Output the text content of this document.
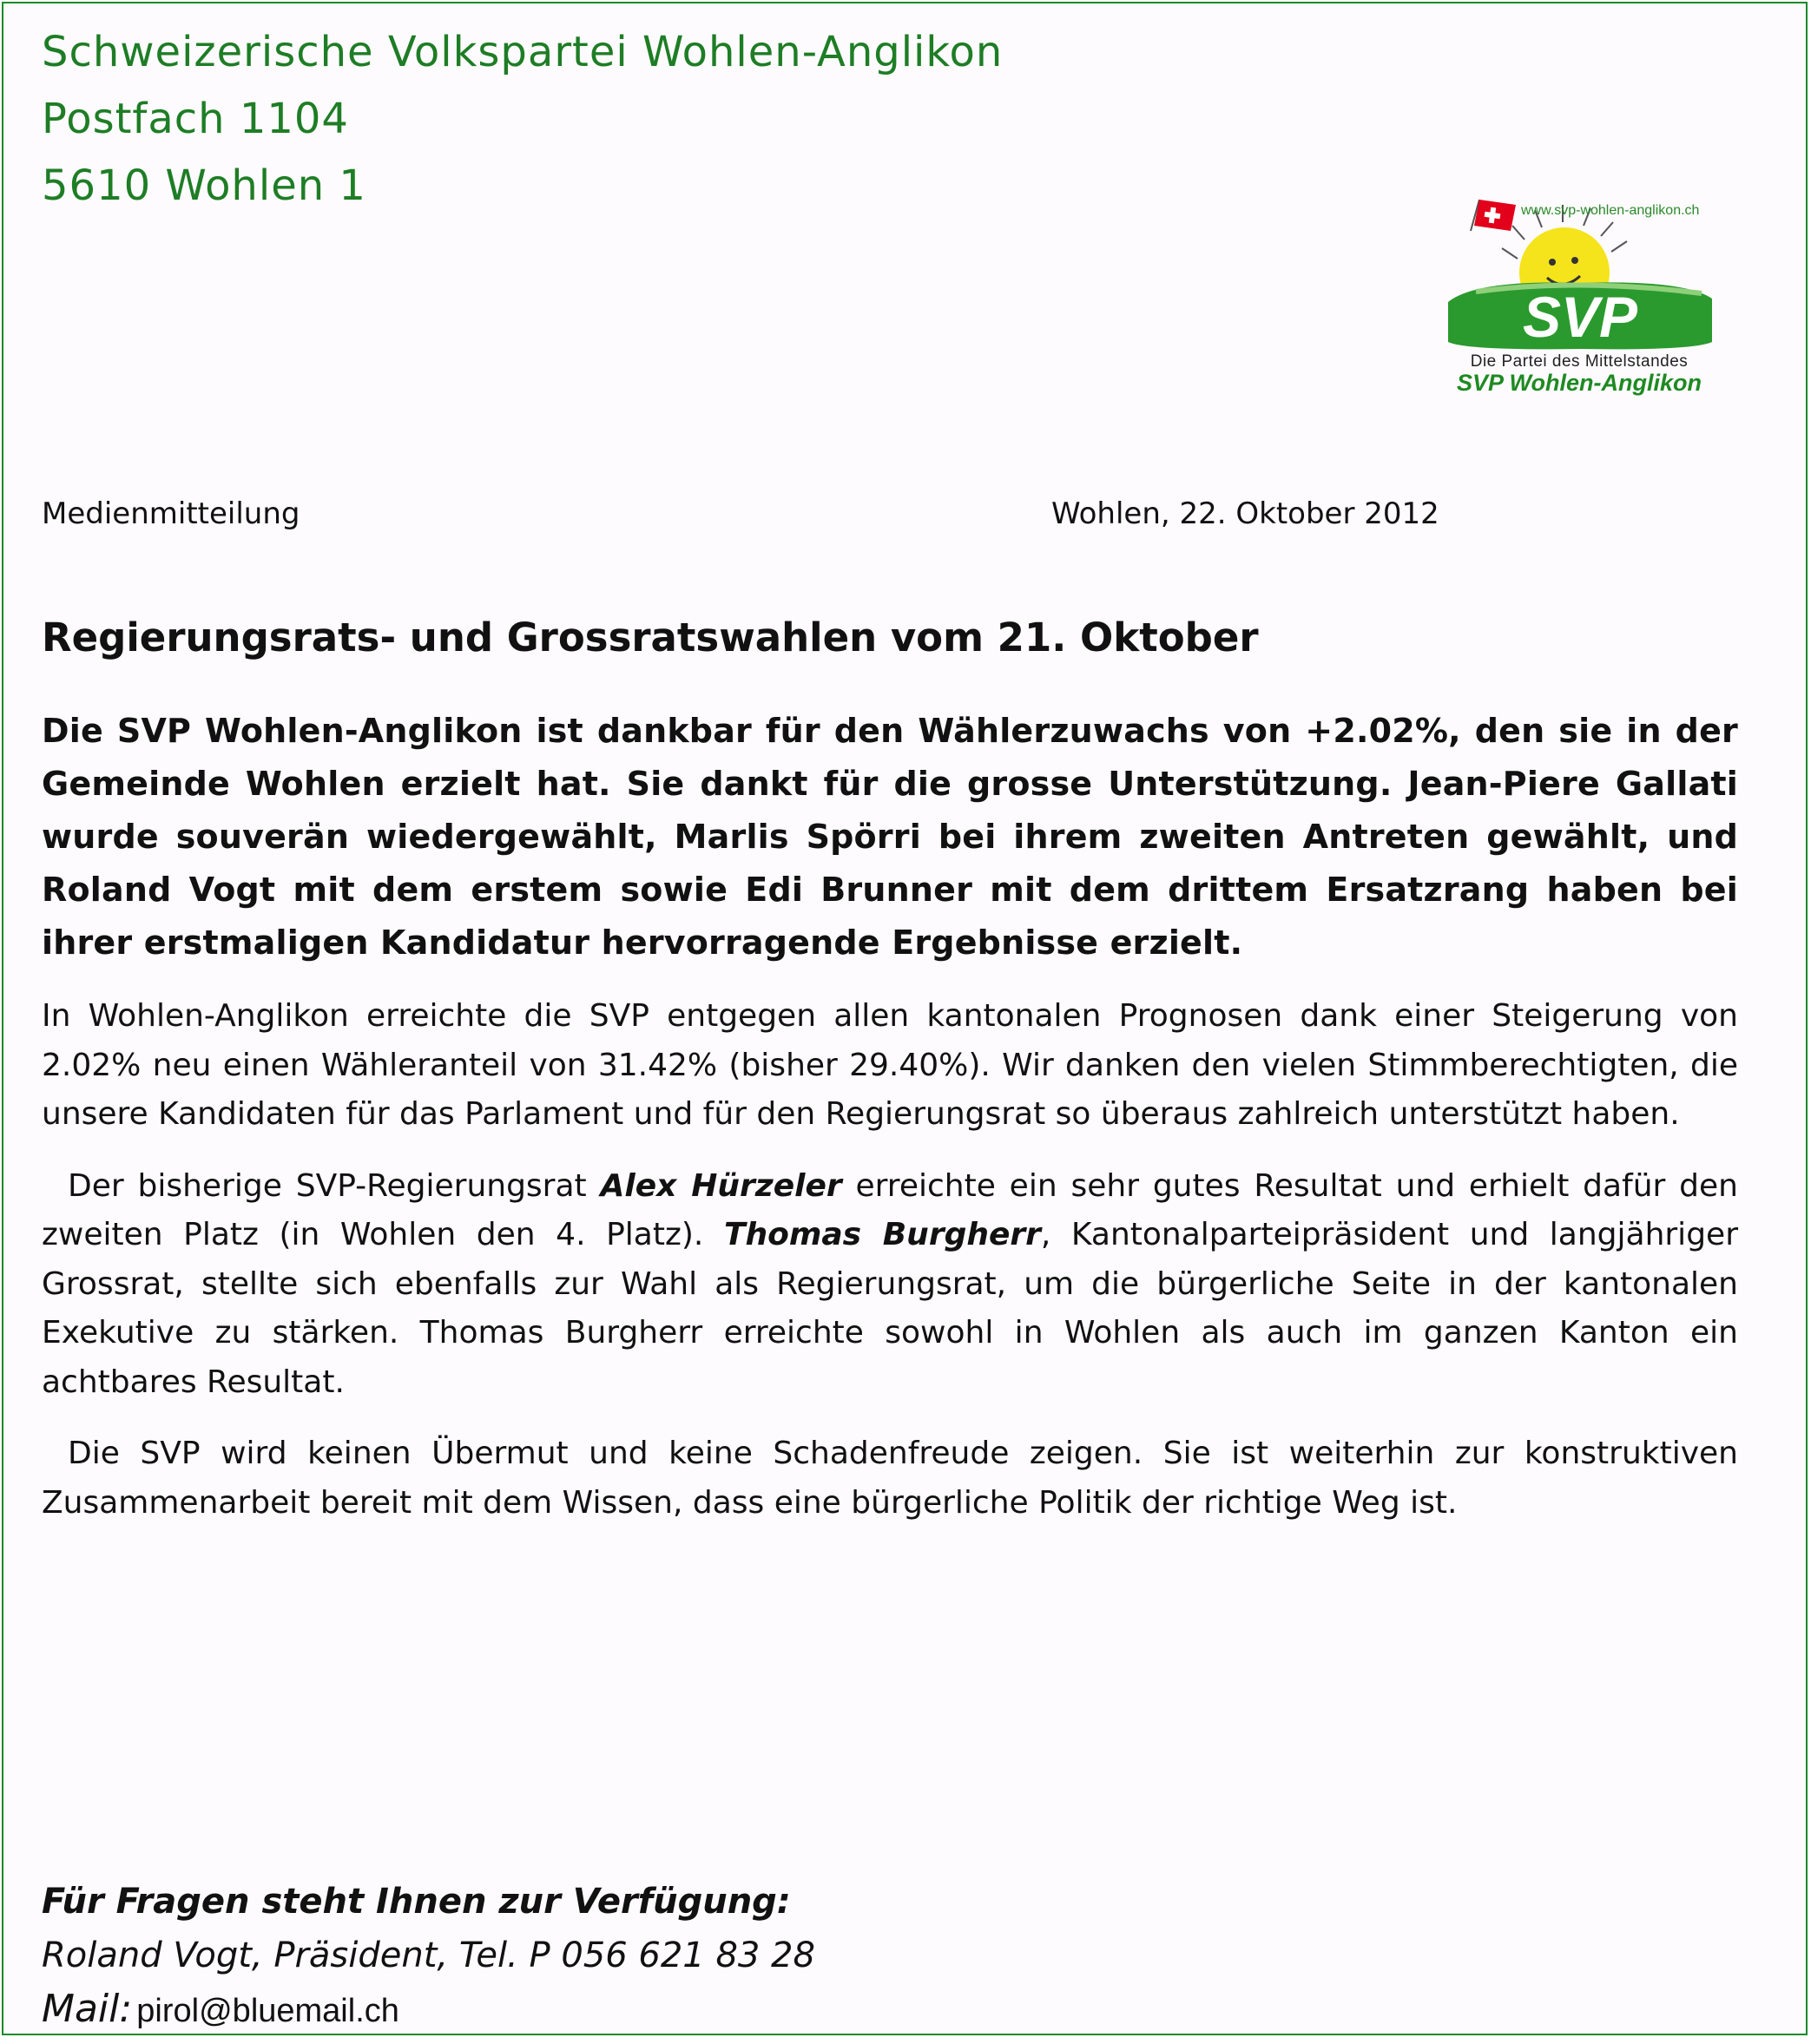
Schweizerische Volkspartei Wohlen-Anglikon
Postfach 1104
5610 Wohlen 1
SVP
www.svp-wohlen-anglikon.ch
Die Partei des Mittelstandes
SVP Wohlen-Anglikon
Medienmitteilung	Wohlen, 22. Oktober 2012
Regierungsrats- und Grossratswahlen vom 21. Oktober

Die SVP Wohlen-Anglikon ist dankbar für den Wählerzuwachs von +2.02%, den sie in der Gemeinde Wohlen erzielt hat. Sie dankt für die grosse Unterstützung. Jean-Piere Gallati wurde souverän wiedergewählt, Marlis Spörri bei ihrem zweiten Antreten gewählt, und Roland Vogt mit dem erstem sowie Edi Brunner mit dem drittem Ersatzrang haben bei ihrer erstmaligen Kandidatur hervorragende Ergebnisse erzielt.

In Wohlen-Anglikon erreichte die SVP entgegen allen kantonalen Prognosen dank einer Steigerung von 2.02% neu einen Wähleranteil von 31.42% (bisher 29.40%). Wir danken den vielen Stimmberechtigten, die unsere Kandidaten für das Parlament und für den Regierungsrat so überaus zahlreich unterstützt haben.

Der bisherige SVP-Regierungsrat Alex Hürzeler erreichte ein sehr gutes Resultat und erhielt dafür den zweiten Platz (in Wohlen den 4. Platz). Thomas Burgherr, Kantonalparteipräsident und langjähriger Grossrat, stellte sich ebenfalls zur Wahl als Regierungsrat, um die bürgerliche Seite in der kantonalen Exekutive zu stärken. Thomas Burgherr erreichte sowohl in Wohlen als auch im ganzen Kanton ein achtbares Resultat.

Die SVP wird keinen Übermut und keine Schadenfreude zeigen. Sie ist weiterhin zur konstruktiven Zusammenarbeit bereit mit dem Wissen, dass eine bürgerliche Politik der richtige Weg ist.

Für Fragen steht Ihnen zur Verfügung:
Roland Vogt, Präsident, Tel. P 056 621 83 28
Mail: pirol@bluemail.ch
